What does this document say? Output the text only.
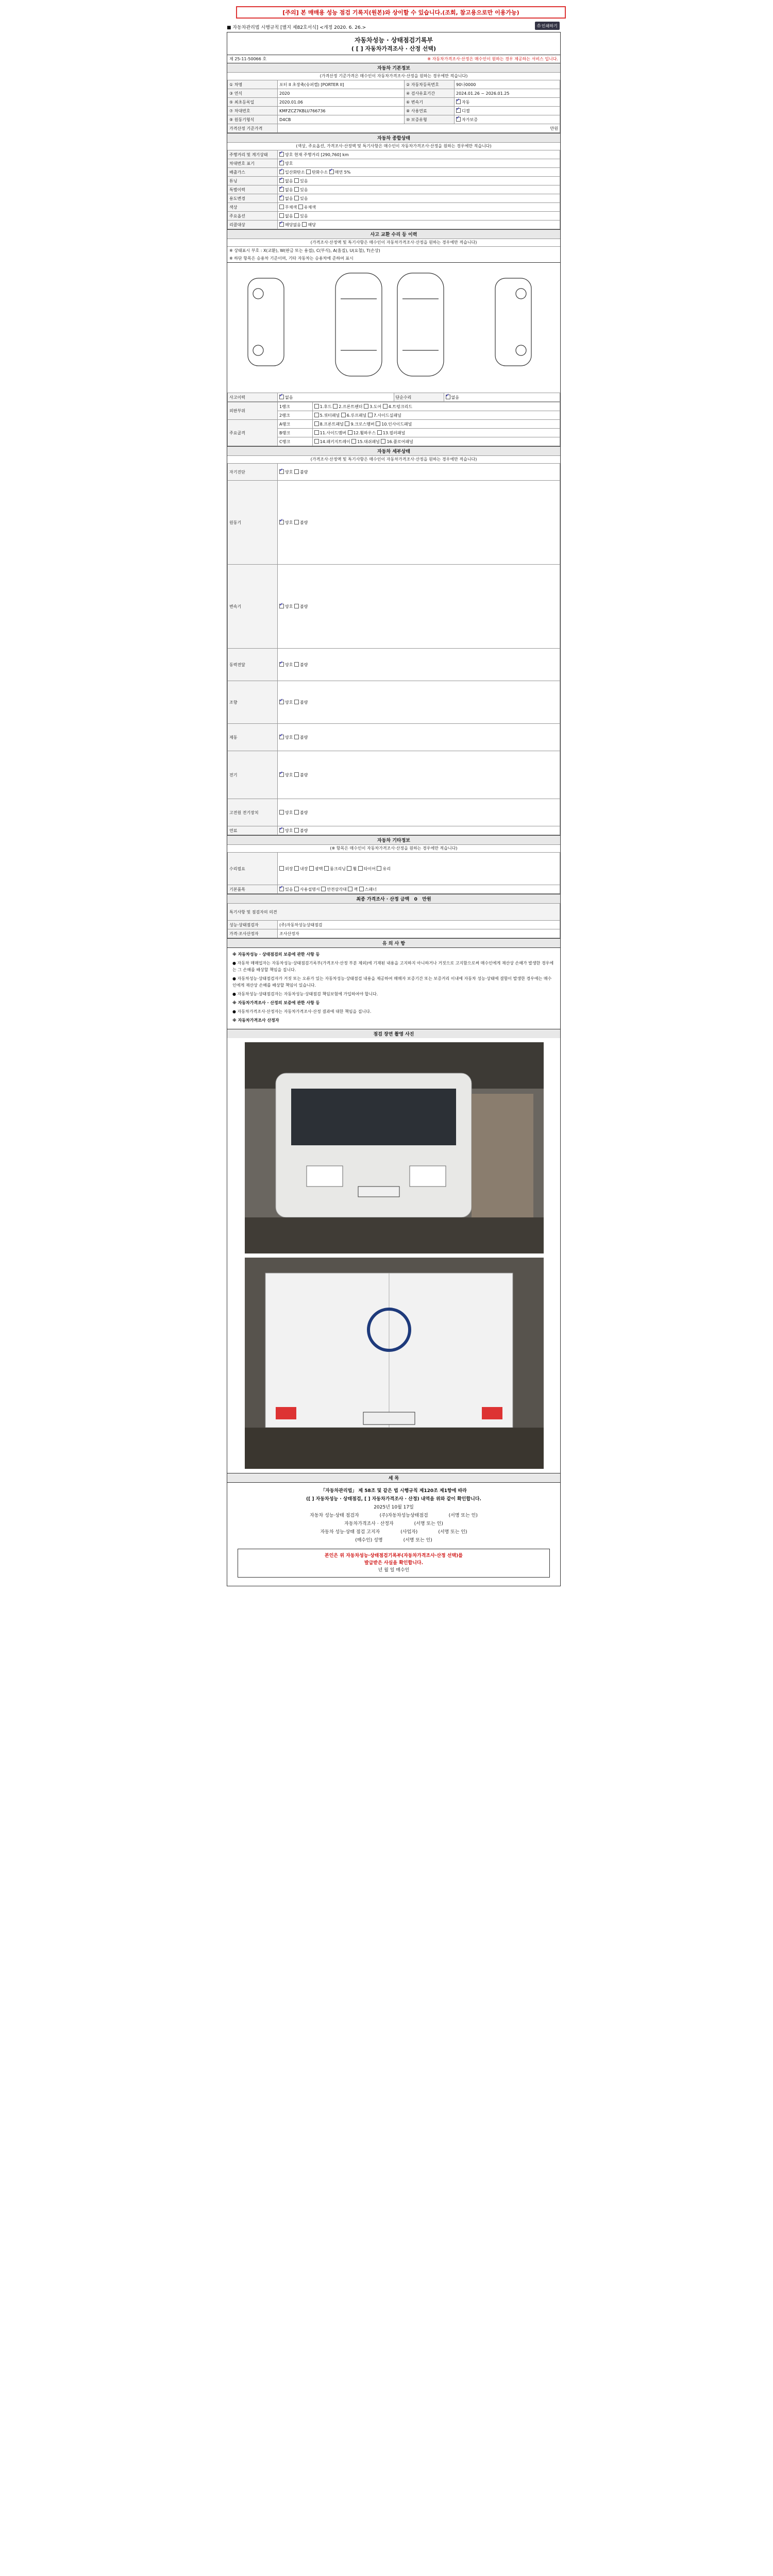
[주의] 본 매매용 성능 점검 기록지(원본)와 상이할 수 있습니다.(조회, 참고용으로만 이용가능)
■ 자동차관리법 시행규칙 [별지 제82호서식] <개정 2020. 6. 26.>	⎙ 인쇄하기
자동차성능 · 상태점검기록부
( [ ] 자동차가격조사 · 산정 선택)
제 25-11-50066 호	※ 자동차가격조사·산정은 매수인이 원하는 경우 제공하는 서비스 입니다.
자동차 기본정보
(가격산정 기준가격은 매수인이 자동차가격조사·산정을 원하는 경우에만 적습니다)
① 차명	포터 II 초장축(슈퍼캡) [PORTER II]	② 자동차등록번호	90나0000
③ 연식	2020	④ 검사유효기간	2024.01.26 ~ 2026.01.25
⑤ 최초등록일	2020.01.06	⑥ 변속기	✓자동
⑦ 차대번호	KMFZCZ7KBLU766736	⑧ 사용연료	✓디젤
⑨ 원동기형식	D4CB	⑩ 보증유형	✓자가보증
가격산정 기준가격	만원		
자동차 종합상태
(색상, 주요옵션, 가격조사·산정액 및 특기사항은 매수인이 자동차가격조사·산정을 원하는 경우에만 적습니다)
주행거리 및 계기상태	✓양호 현재 주행거리 [290,760] km
차대번호 표기	✓양호
배출가스	✓일산화탄소 탄화수소 ✓매연 5%
튜닝	✓없음 있음
특별이력	✓없음 있음
용도변경	✓없음 있음
색상	무채색 유채색
주요옵션	없음 있음
리콜대상	✓해당없음 해당
사고 교환 수리 등 이력
(가격조사·산정액 및 특기사항은 매수인이 자동차가격조사·산정을 원하는 경우에만 적습니다)
※ 상태표시 부호 : X(교환), W(판금 또는 용접), C(부식), A(흠집), U(요철), T(손상)
※ 하단 항목은 승용차 기준이며, 기타 자동차는 승용차에 준하여 표시
사고이력	✓없음	단순수리	✓없음
외판부위	1랭크	1.후드 2.프론트펜더 3.도어 4.트렁크리드
	2랭크	5.쿼터패널 6.루프패널 7.사이드실패널
주요골격	A랭크	8.프론트패널 9.크로스멤버 10.인사이드패널
	B랭크	11.사이드멤버 12.휠하우스 13.필러패널
	C랭크	14.패키지트레이 15.대쉬패널 16.플로어패널
자동차 세부상태
(가격조사·산정액 및 특기사항은 매수인이 자동차가격조사·산정을 원하는 경우에만 적습니다)
자기진단	✓양호 불량
원동기	✓양호 불량
변속기	✓양호 불량
동력전달	✓양호 불량
조향	✓양호 불량
제동	✓양호 불량
전기	✓양호 불량
고전원 전기장치	양호 불량
연료	✓양호 불량
자동차 기타정보
(※ 항목은 매수인이 자동차가격조사·산정을 원하는 경우에만 적습니다)
수리필요	외장 내장 광택 룸크리닝 휠 타이어 유리
기본품목	✓있음 사용설명서 안전삼각대 잭 스패너
최종 가격조사 · 산정 금액   0   만원
특기사항 및 점검자의 의견	
성능·상태점검자	(주)자동차성능상태점검
가격·조사산정자	조사산정자
유 의 사 항

※ 자동차성능 · 상태점검의 보증에 관한 사항 등

● 자동차 매매업자는 자동차성능·상태점검기록부(가격조사·산정 부분 제외)에 기재된 내용을 고지하지 아니하거나 거짓으로 고지함으로써 매수인에게 재산상 손해가 발생한 경우에는 그 손해를 배상할 책임을 집니다.

● 자동차성능·상태점검자가 거짓 또는 오류가 있는 자동차성능·상태점검 내용을 제공하여 매매자 보증기간 또는 보증거리 이내에 자동차 성능·상태에 결함이 발생한 경우에는 매수인에게 재산상 손해를 배상할 책임이 있습니다.

● 자동차성능·상태점검자는 자동차성능·상태점검 책임보험에 가입하여야 합니다.

※ 자동차가격조사 · 산정의 보증에 관한 사항 등

● 자동차가격조사·산정자는 자동차가격조사·산정 결과에 대한 책임을 집니다.

※ 자동차가격조사 산정자

점검 장면 촬영 사진
세 목
「자동차관리법」 제 58조 및 같은 법 시행규칙 제120조 제1항에 따라
([ ] 자동차성능 · 상태점검, [ ] 자동차가격조사 · 산정) 내역을 위와 같이 확인합니다.
2025년 10월 17일
자동차 성능·상태 점검자	(주)자동차성능상태점검	(서명 또는 인)
자동차가격조사 · 산정자	(서명 또는 인)
자동차 성능·상태 점검 고지자	(사업자)	(서명 또는 인)
(매수인) 성명	(서명 또는 인)
본인은 위 자동차성능·상태점검기록부(자동차가격조사·산정 선택)를
발급받은 사실을 확인합니다.
년 월 일 매수인
